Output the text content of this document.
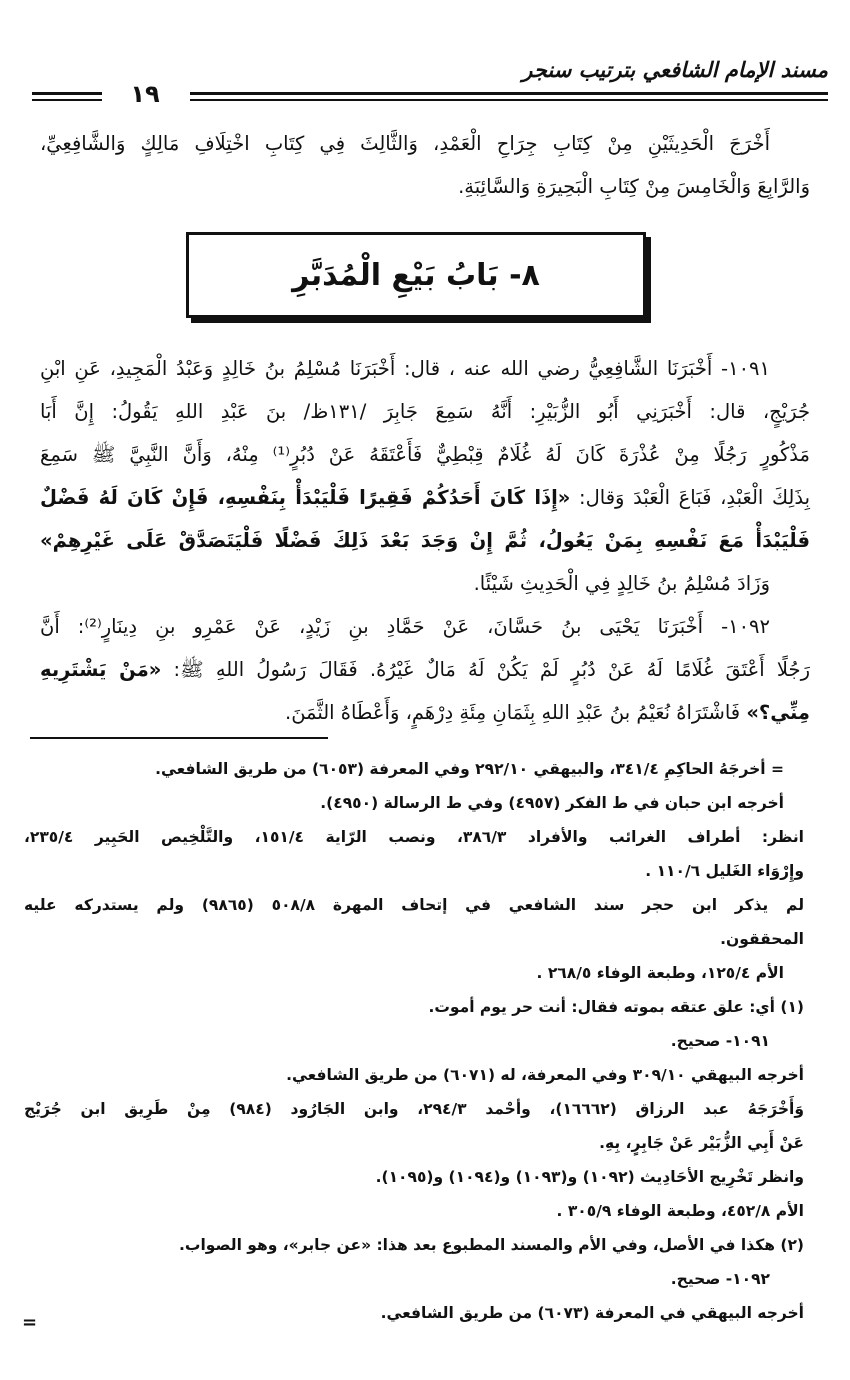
مسند الإمام الشافعي بترتيب سنجر
١٩
أَخْرَجَ الْحَدِيثَيْنِ مِنْ كِتَابِ جِرَاحِ الْعَمْدِ، وَالثَّالِثَ فِي كِتَابِ اخْتِلَافِ مَالِكٍ وَالشَّافِعِيِّ،
وَالرَّابِعَ وَالْخَامِسَ مِنْ كِتَابِ الْبَحِيرَةِ وَالسَّائِبَةِ.
٨- بَابُ بَيْعِ الْمُدَبَّرِ
١٠٩١- أَخْبَرَنَا الشَّافِعِيُّ رضي الله عنه ، قال: أَخْبَرَنَا مُسْلِمُ بنُ خَالِدٍ وَعَبْدُ الْمَجِيدِ، عَنِ ابْنِ
جُرَيْجٍ، قال: أَخْبَرَنِي أَبُو الزُّبَيْرِ: أَنَّهُ سَمِعَ جَابِرَ /١٣١ظ/ بنَ عَبْدِ اللهِ يَقُولُ: إِنَّ أَبَا
مَذْكُورٍ رَجُلًا مِنْ عُذْرَةَ كَانَ لَهُ غُلَامٌ قِبْطِيٌّ فَأَعْتَقَهُ عَنْ دُبُرٍ⁽¹⁾ مِنْهُ، وَأَنَّ النَّبِيَّ ﷺ سَمِعَ
بِذَلِكَ الْعَبْدِ، فَبَاعَ الْعَبْدَ وَقال: «إِذَا كَانَ أَحَدُكُمْ فَقِيرًا فَلْيَبْدَأْ بِنَفْسِهِ، فَإِنْ كَانَ لَهُ فَضْلٌ
فَلْيَبْدَأْ مَعَ نَفْسِهِ بِمَنْ يَعُولُ، ثُمَّ إِنْ وَجَدَ بَعْدَ ذَلِكَ فَضْلًا فَلْيَتَصَدَّقْ عَلَى غَيْرِهِمْ»
وَزَادَ مُسْلِمُ بنُ خَالِدٍ فِي الْحَدِيثِ شَيْئًا.
١٠٩٢- أَخْبَرَنَا يَحْيَى بنُ حَسَّانَ، عَنْ حَمَّادِ بنِ زَيْدٍ، عَنْ عَمْرِو بنِ دِينَارٍ⁽²⁾: أَنَّ
رَجُلًا أَعْتَقَ غُلَامًا لَهُ عَنْ دُبُرٍ لَمْ يَكُنْ لَهُ مَالٌ غَيْرُهُ. فَقَالَ رَسُولُ اللهِ ﷺ: «مَنْ يَشْتَرِيهِ
مِنِّي؟» فَاشْتَرَاهُ نُعَيْمُ بنُ عَبْدِ اللهِ بِثَمَانِ مِئَةِ دِرْهَمٍ، وَأَعْطَاهُ الثَّمَنَ.
= أخرجَهُ الحاكِمِ ٣٤١/٤، والبيهقي ٢٩٢/١٠ وفي المعرفة (٦٠٥٣) من طريق الشافعي.
أخرجه ابن حبان في ط الفكر (٤٩٥٧) وفي ط الرسالة (٤٩٥٠).
انظر: أطراف الغرائب والأفراد ٣٨٦/٣، ونصب الرّاية ١٥١/٤، والتَّلْخِيص الحَبِير ٢٣٥/٤،
وإِرْوَاء الغَليل ١١٠/٦ .
لم يذكر ابن حجر سند الشافعي في إتحاف المهرة ٥٠٨/٨ (٩٨٦٥) ولم يستدركه عليه
المحققون.
الأم ١٢٥/٤، وطبعة الوفاء ٢٦٨/٥ .
(١) أي: علق عتقه بموته فقال: أنت حر يوم أموت.
١٠٩١- صحيح.
أخرجه البيهقي ٣٠٩/١٠ وفي المعرفة، له (٦٠٧١) من طريق الشافعي.
وَأَخْرَجَهُ عبد الرزاق (١٦٦٦٢)، وأحْمد ٢٩٤/٣، وابن الجَارُود (٩٨٤) مِنْ طَرِيق ابن جُرَيْج
عَنْ أَبِي الزُّبَيْر عَنْ جَابِرٍ، بِهِ.
وانظر تَخْرِيج الأحَادِيث (١٠٩٢) و(١٠٩٣) و(١٠٩٤) و(١٠٩٥).
الأم ٤٥٢/٨، وطبعة الوفاء ٣٠٥/٩ .
(٢) هكذا في الأصل، وفي الأم والمسند المطبوع بعد هذا: «عن جابر»، وهو الصواب.
١٠٩٢- صحيح.
أخرجه البيهقي في المعرفة (٦٠٧٣) من طريق الشافعي.
=
